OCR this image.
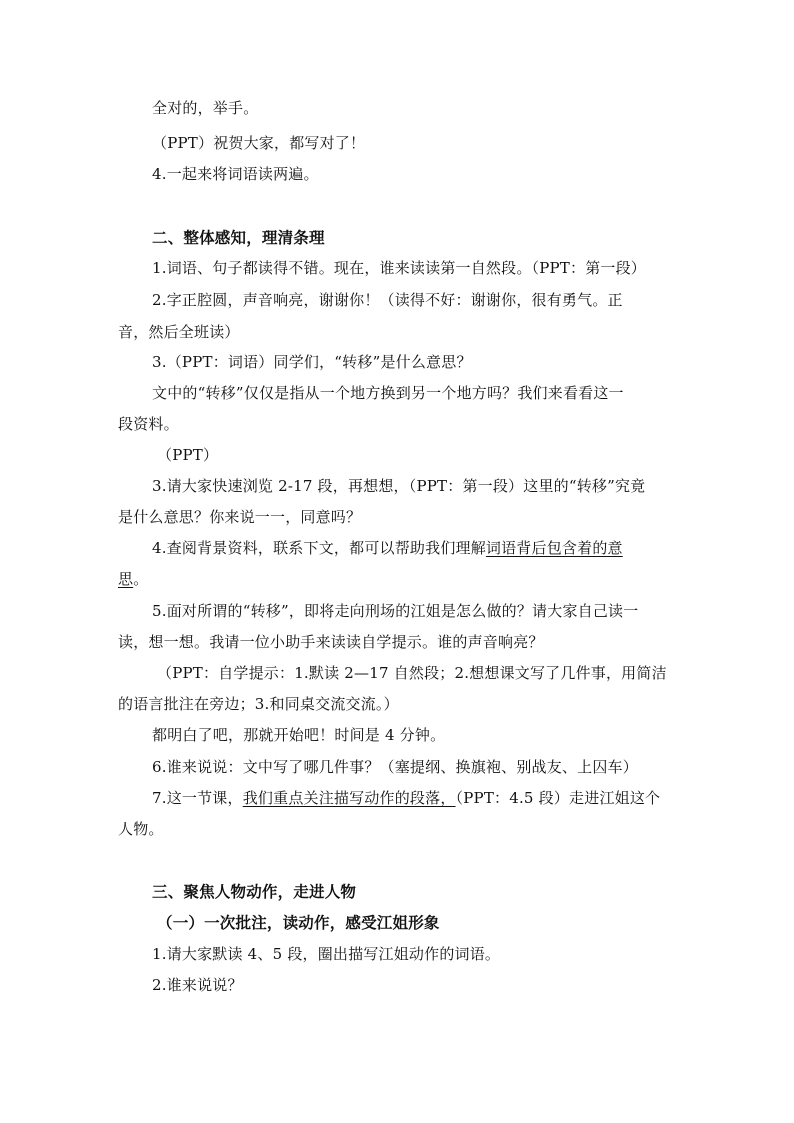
全对的，举手。
（PPT）祝贺大家，都写对了！
4.一起来将词语读两遍。
二、整体感知，理清条理
1.词语、句子都读得不错。现在，谁来读读第一自然段。（PPT：第一段）
2.字正腔圆，声音响亮，谢谢你！（读得不好：谢谢你，很有勇气。正
音，然后全班读）
3.（PPT：词语）同学们，“转移”是什么意思？
文中的“转移”仅仅是指从一个地方换到另一个地方吗？我们来看看这一
段资料。
（PPT）
3.请大家快速浏览 2-17 段，再想想，（PPT：第一段）这里的“转移”究竟
是什么意思？你来说一一，同意吗？
4.查阅背景资料，联系下文，都可以帮助我们理解词语背后包含着的意
思。
5.面对所谓的“转移”，即将走向刑场的江姐是怎么做的？请大家自己读一
读，想一想。我请一位小助手来读读自学提示。谁的声音响亮？
（PPT：自学提示：1.默读 2—17 自然段；2.想想课文写了几件事，用简洁
的语言批注在旁边；3.和同桌交流交流。）
都明白了吧，那就开始吧！时间是 4 分钟。
6.谁来说说：文中写了哪几件事？（塞提纲、换旗袍、别战友、上囚车）
7.这一节课，我们重点关注描写动作的段落，（PPT：4.5 段）走进江姐这个
人物。
三、聚焦人物动作，走进人物
（一）一次批注，读动作，感受江姐形象
1.请大家默读 4、5 段，圈出描写江姐动作的词语。
2.谁来说说？
